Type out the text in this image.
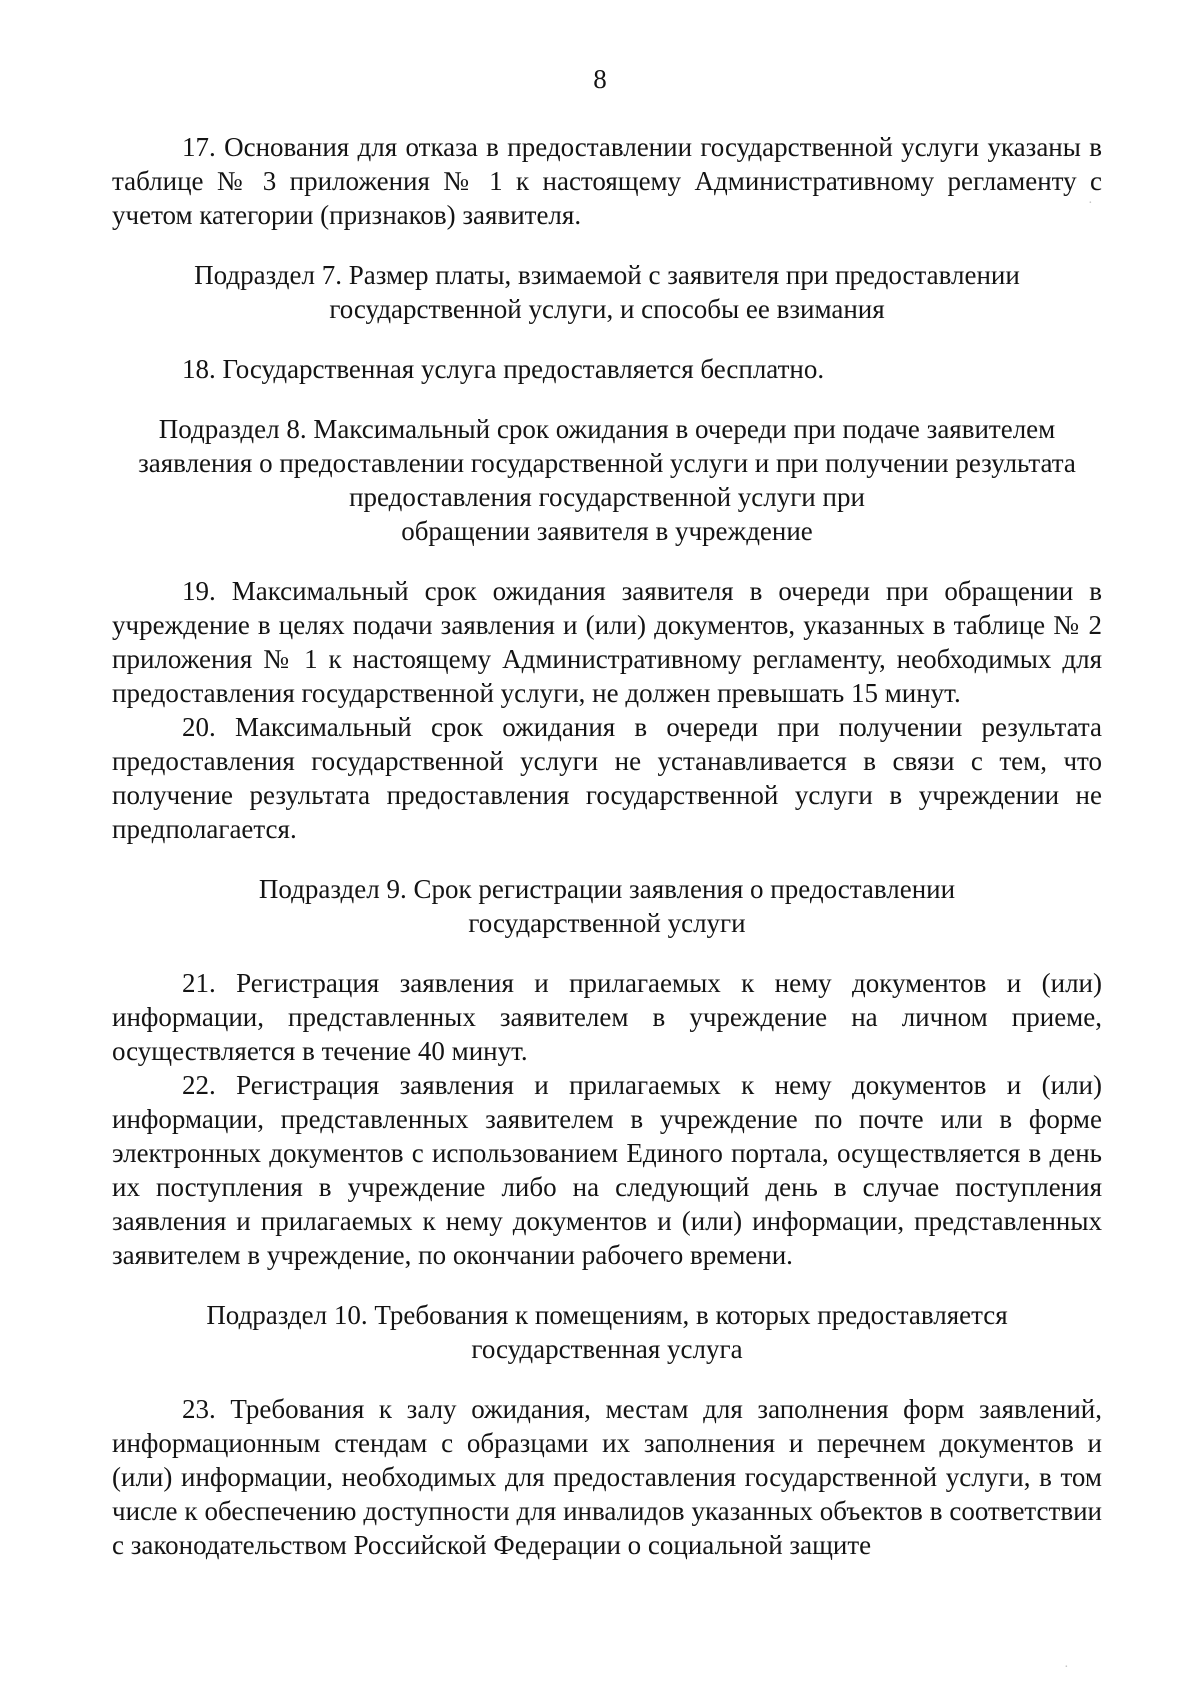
8

17. Основания для отказа в предоставлении государственной услуги указаны в таблице № 3 приложения № 1 к настоящему Административному регламенту с учетом категории (признаков) заявителя.

Подраздел 7. Размер платы, взимаемой с заявителя при предоставлении
государственной услуги, и способы ее взимания

18. Государственная услуга предоставляется бесплатно.

Подраздел 8. Максимальный срок ожидания в очереди при подаче заявителем
заявления о предоставлении государственной услуги и при получении результата
предоставления государственной услуги при
обращении заявителя в учреждение

19. Максимальный срок ожидания заявителя в очереди при обращении в учреждение в целях подачи заявления и (или) документов, указанных в таблице № 2 приложения № 1 к настоящему Административному регламенту, необходимых для предоставления государственной услуги, не должен превышать 15 минут.

20. Максимальный срок ожидания в очереди при получении результата предоставления государственной услуги не устанавливается в связи с тем, что получение результата предоставления государственной услуги в учреждении не предполагается.

Подраздел 9. Срок регистрации заявления о предоставлении
государственной услуги

21. Регистрация заявления и прилагаемых к нему документов и (или) информации, представленных заявителем в учреждение на личном приеме, осуществляется в течение 40 минут.

22. Регистрация заявления и прилагаемых к нему документов и (или) информации, представленных заявителем в учреждение по почте или в форме электронных документов с использованием Единого портала, осуществляется в день их поступления в учреждение либо на следующий день в случае поступления заявления и прилагаемых к нему документов и (или) информации, представленных заявителем в учреждение, по окончании рабочего времени.

Подраздел 10. Требования к помещениям, в которых предоставляется
государственная услуга

23. Требования к залу ожидания, местам для заполнения форм заявлений, информационным стендам с образцами их заполнения и перечнем документов и (или) информации, необходимых для предоставления государственной услуги, в том числе к обеспечению доступности для инвалидов указанных объектов в соответствии с законодательством Российской Федерации о социальной защите

·
·
